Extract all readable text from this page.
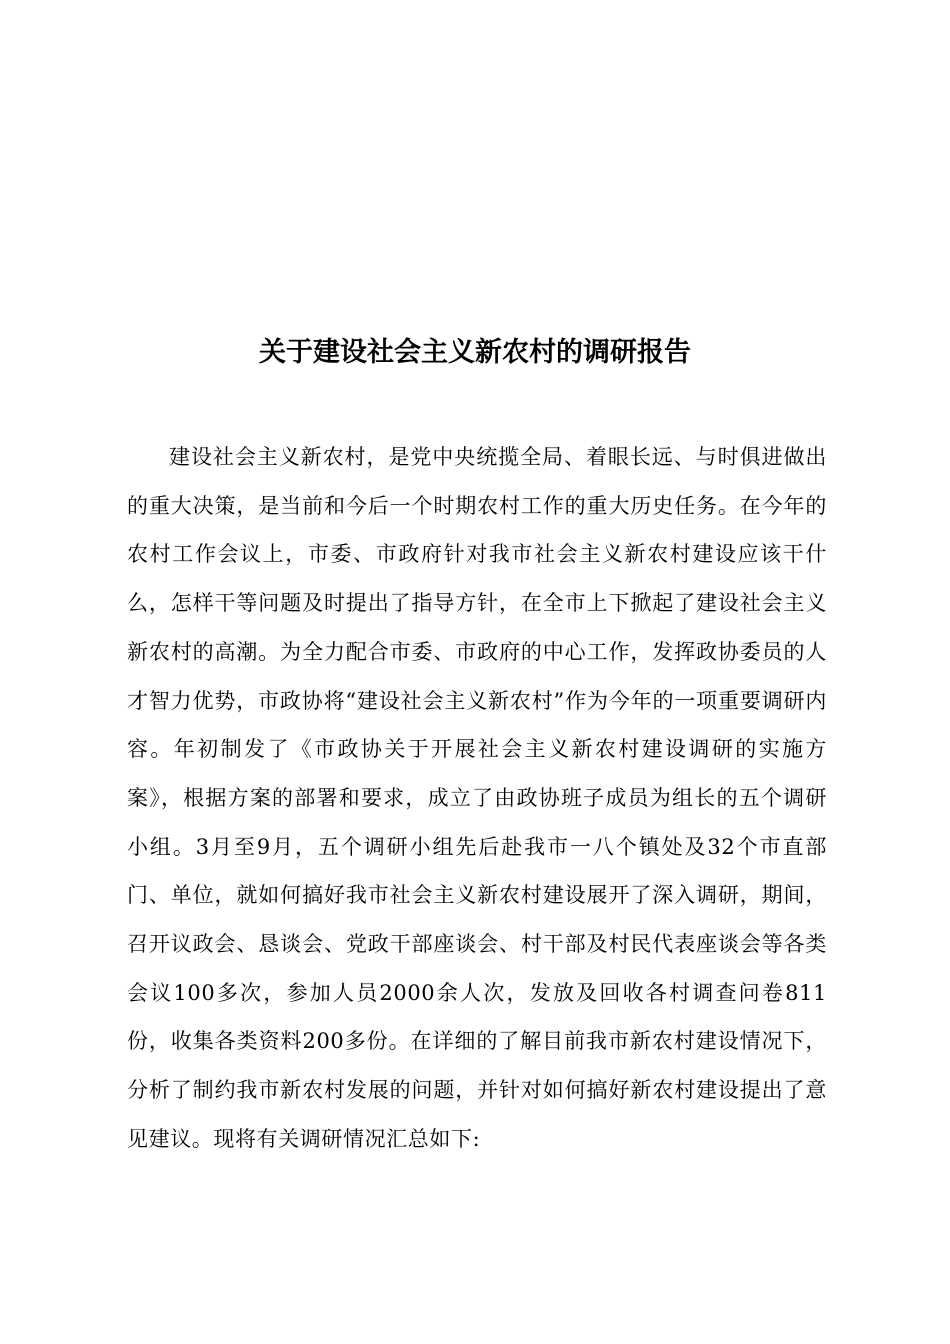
关于建设社会主义新农村的调研报告

建设社会主义新农村，是党中央统揽全局、着眼长远、与时俱进做出的重大决策，是当前和今后一个时期农村工作的重大历史任务。在今年的农村工作会议上，市委、市政府针对我市社会主义新农村建设应该干什么，怎样干等问题及时提出了指导方针，在全市上下掀起了建设社会主义新农村的高潮。为全力配合市委、市政府的中心工作，发挥政协委员的人才智力优势，市政协将“建设社会主义新农村”作为今年的一项重要调研内容。年初制发了《市政协关于开展社会主义新农村建设调研的实施方案》，根据方案的部署和要求，成立了由政协班子成员为组长的五个调研小组。3月至9月，五个调研小组先后赴我市一八个镇处及32个市直部门、单位，就如何搞好我市社会主义新农村建设展开了深入调研，期间，召开议政会、恳谈会、党政干部座谈会、村干部及村民代表座谈会等各类会议100多次，参加人员2000余人次，发放及回收各村调查问卷811份，收集各类资料200多份。在详细的了解目前我市新农村建设情况下，分析了制约我市新农村发展的问题，并针对如何搞好新农村建设提出了意见建议。现将有关调研情况汇总如下:
